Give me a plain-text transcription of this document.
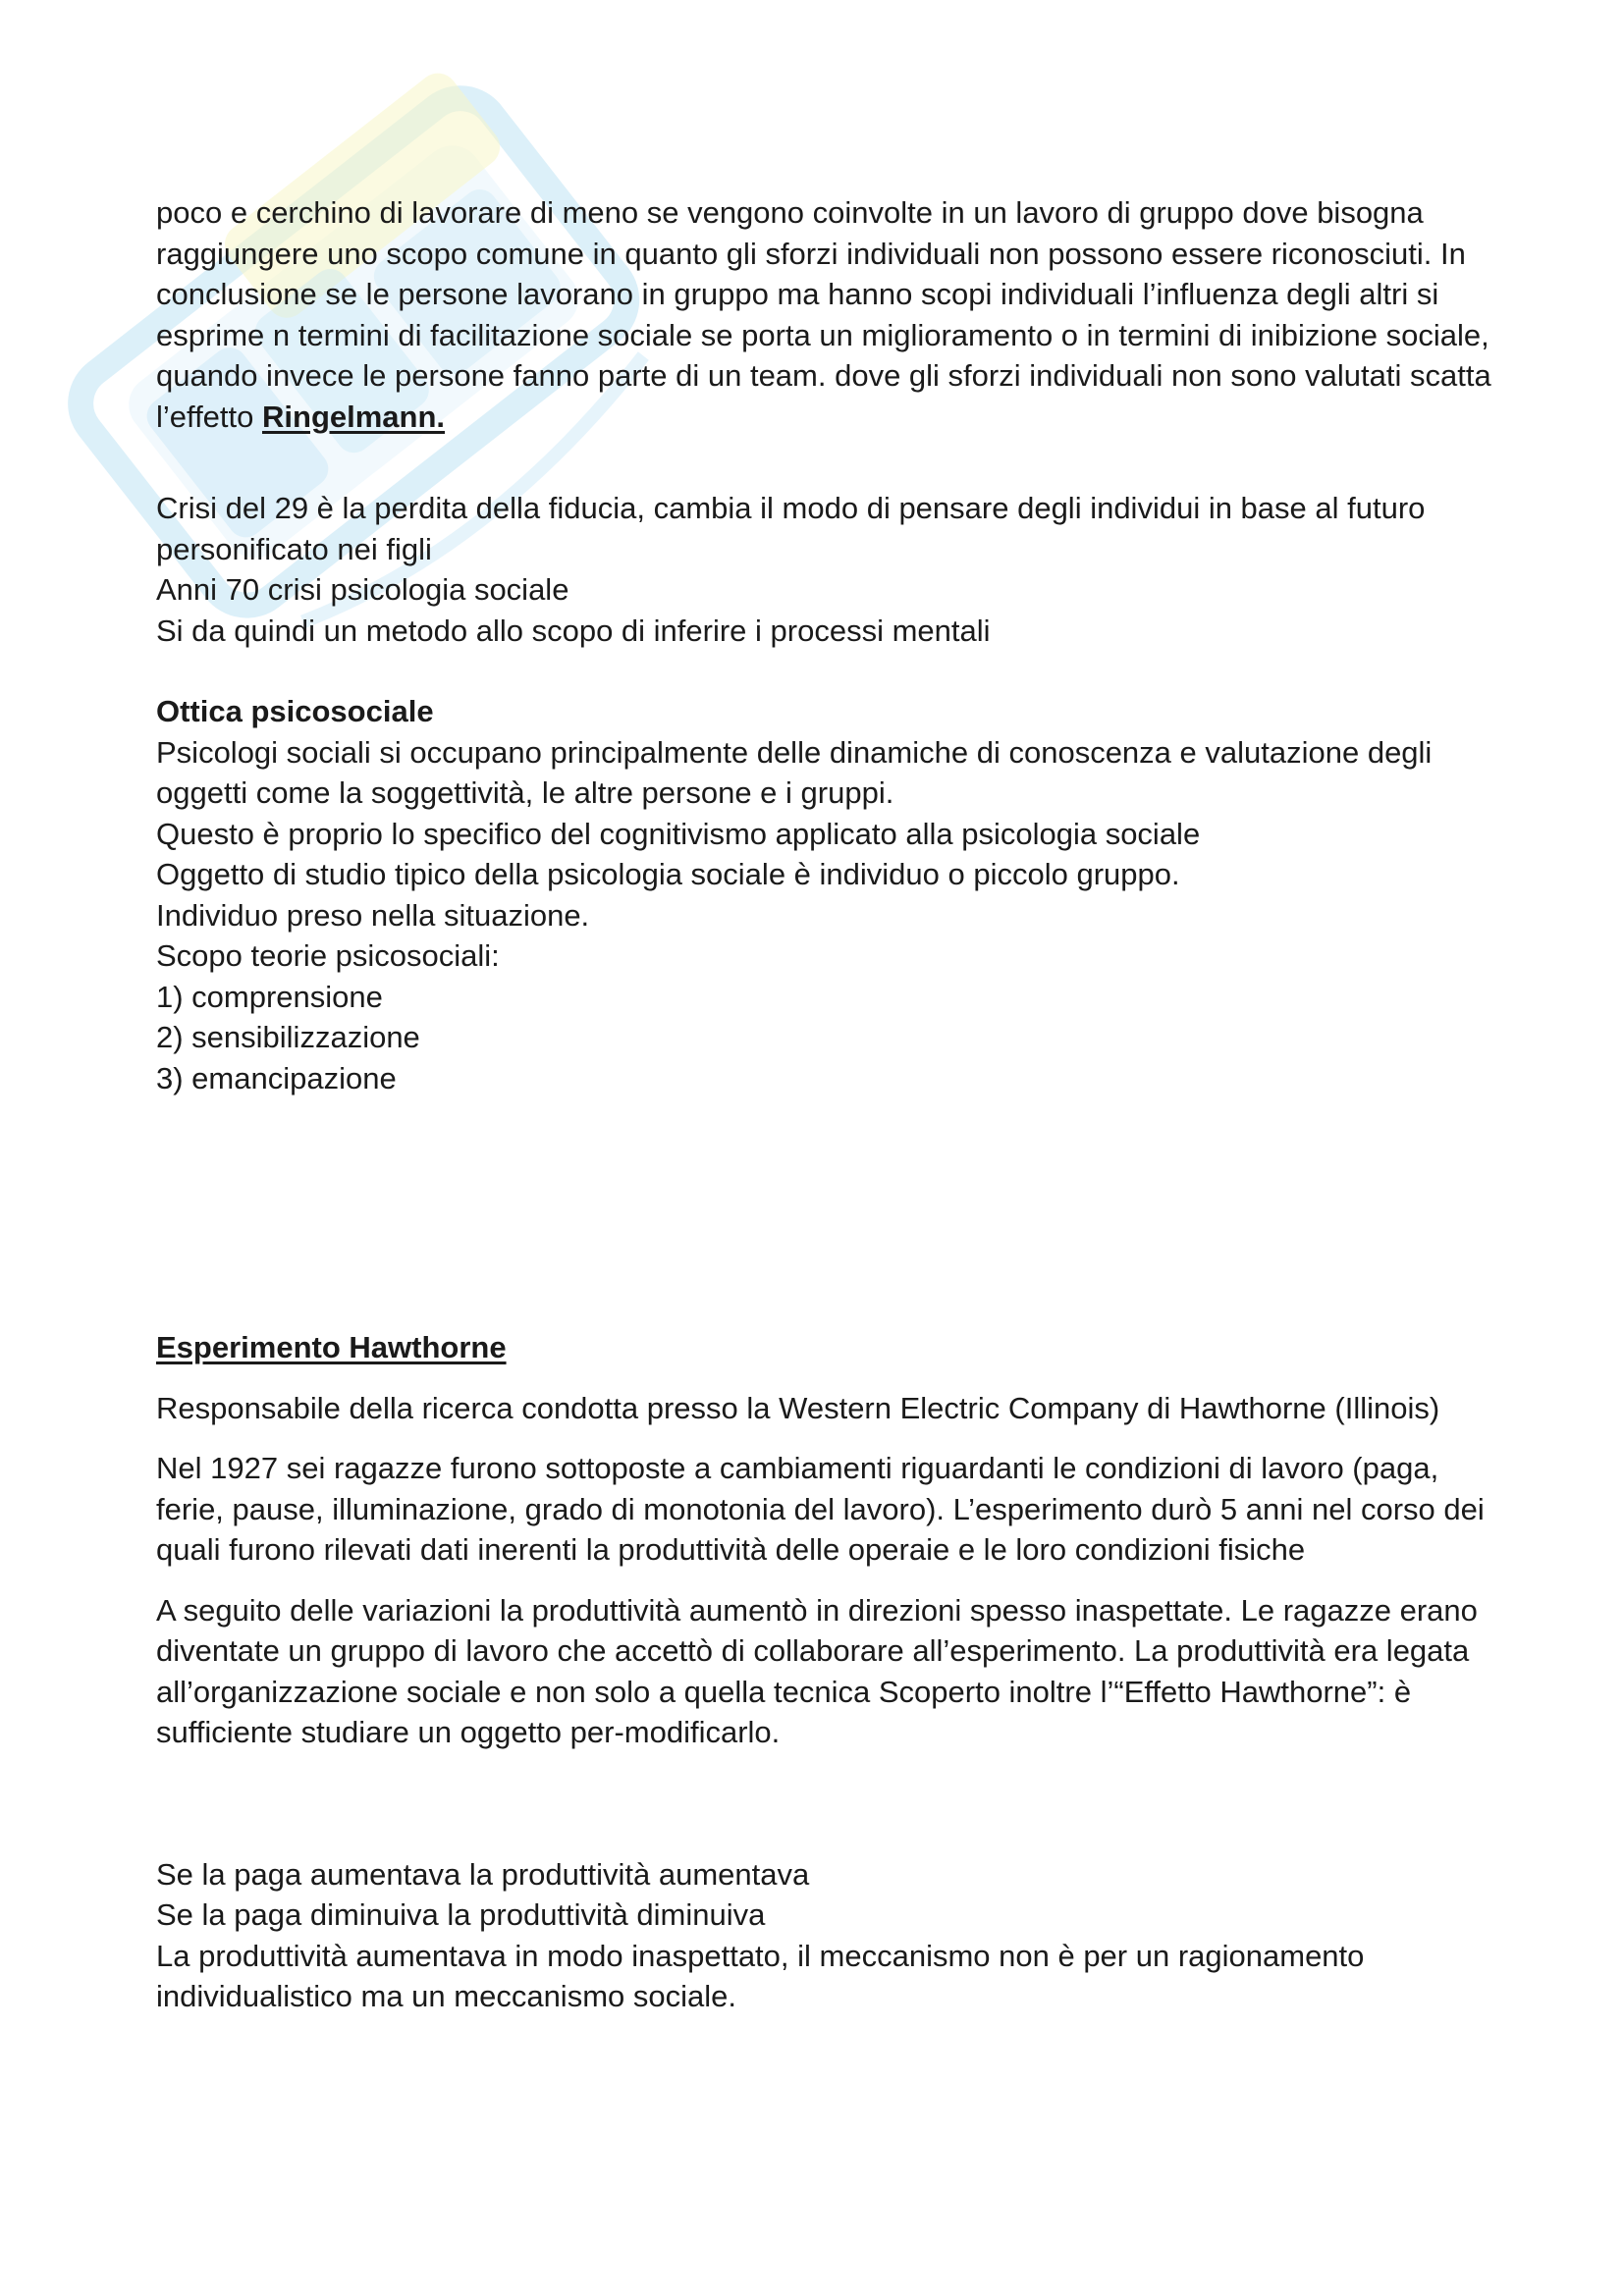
poco e cerchino di lavorare di meno se vengono coinvolte in un lavoro di gruppo dove bisogna raggiungere uno scopo comune in quanto gli sforzi individuali non possono essere riconosciuti. In conclusione se le persone lavorano in gruppo ma hanno scopi individuali l’influenza degli altri si esprime n termini di facilitazione sociale se porta un miglioramento o in termini di inibizione sociale, quando invece le persone fanno parte di un team. dove gli sforzi individuali non sono valutati scatta l’effetto Ringelmann.

Crisi del 29 è la perdita della fiducia, cambia il modo di pensare degli individui in base al futuro personificato nei figli

Anni 70 crisi psicologia sociale

Si da quindi un metodo allo scopo di inferire i processi mentali

Ottica psicosociale

Psicologi sociali si occupano principalmente delle dinamiche di conoscenza e valutazione degli oggetti come la soggettività, le altre persone e i gruppi.

Questo è proprio lo specifico del cognitivismo applicato alla psicologia sociale

Oggetto di studio tipico della psicologia sociale è individuo o piccolo gruppo.

Individuo preso nella situazione.

Scopo teorie psicosociali:

1) comprensione

2) sensibilizzazione

3) emancipazione

Esperimento Hawthorne

Responsabile della ricerca condotta presso la Western Electric Company di Hawthorne (Illinois)

Nel 1927 sei ragazze furono sottoposte a cambiamenti riguardanti le condizioni di lavoro (paga, ferie, pause, illuminazione, grado di monotonia del lavoro). L’esperimento durò 5 anni nel corso dei quali furono rilevati dati inerenti la produttività delle operaie e le loro condizioni fisiche

A seguito delle variazioni la produttività aumentò in direzioni spesso inaspettate. Le ragazze erano diventate un gruppo di lavoro che accettò di collaborare all’esperimento. La produttività era legata all’organizzazione sociale e non solo a quella tecnica Scoperto inoltre l’“Effetto Hawthorne”: è sufficiente studiare un oggetto per-modificarlo.

Se la paga aumentava la produttività aumentava

Se la paga diminuiva la produttività diminuiva

La produttività aumentava in modo inaspettato, il meccanismo non è per un ragionamento individualistico ma un meccanismo sociale.
